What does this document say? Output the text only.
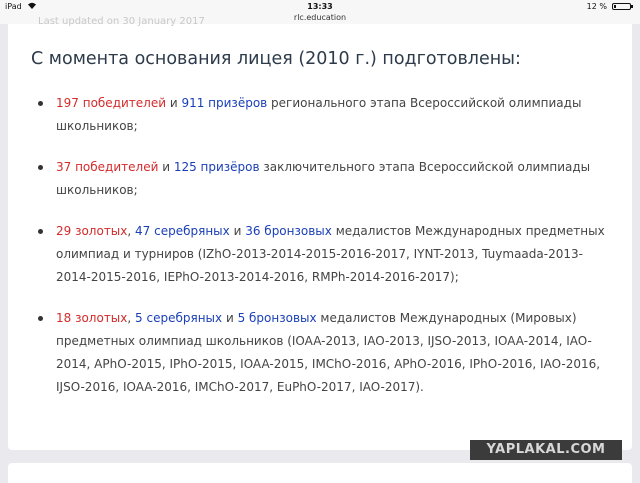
iPad	13:33	12 %
rlc.education
Last updated on 30 January 2017
С момента основания лицея (2010 г.) подготовлены:
197 победителей и 911 призёров регионального этапа Всероссийской олимпиады школьников;
37 победителей и 125 призёров заключительного этапа Всероссийской олимпиады школьников;
29 золотых, 47 серебряных и 36 бронзовых медалистов Международных предметных олимпиад и турниров (IZhO-2013-2014-2015-2016-2017, IYNT-2013, Tuymaada-2013-2014-2015-2016, IEPhO-2013-2014-2016, RMPh-2014-2016-2017);
18 золотых, 5 серебряных и 5 бронзовых медалистов Международных (Мировых) предметных олимпиад школьников (IOAA-2013, IAO-2013, IJSO-2013, IOAA-2014, IAO-2014, APhO-2015, IPhO-2015, IOAA-2015, IMChO-2016, APhO-2016, IPhO-2016, IAO-2016, IJSO-2016, IOAA-2016, IMChO-2017, EuPhO-2017, IAO-2017).
YAPLAKAL.COM
